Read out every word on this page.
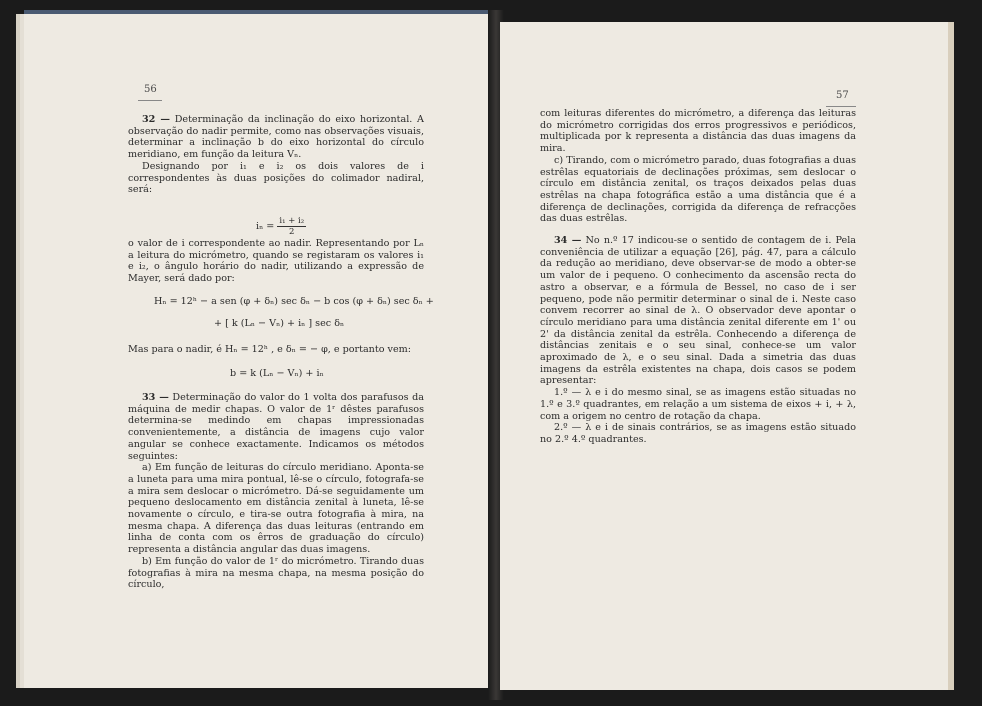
56

32 — Determinação da inclinação do eixo horizontal. A observação do nadir permite, como nas observações visuais, determinar a inclinação b do eixo horizontal do círculo meridiano, em função da leitura Vₙ.

Designando por i₁ e i₂ os dois valores de i correspondentes às duas posições do colimador nadiral, será:

$i_n = \frac{\text{i₁ + i₂}}{2}$

o valor de i correspondente ao nadir. Representando por Lₙ a leitura do micrómetro, quando se registaram os valores i₁ e i₂, o ângulo horário do nadir, utilizando a expressão de Mayer, será dado por:

Hₙ = 12ʰ − a sen (φ + δₙ) sec δₙ − b cos (φ + δₙ) sec δₙ +
+ [ k (Lₙ − Vₙ) + iₙ ] sec δₙ

Mas para o nadir, é Hₙ = 12ʰ , e δₙ = − φ, e portanto vem:

b = k (Lₙ − Vₙ) + iₙ

33 — Determinação do valor do 1 volta dos parafusos da máquina de medir chapas. O valor de 1ʳ dêstes parafusos determina-se medindo em chapas impressionadas convenientemente, a distância de imagens cujo valor angular se conhece exactamente. Indicamos os métodos seguintes:

a) Em função de leituras do círculo meridiano. Aponta-se a luneta para uma mira pontual, lê-se o círculo, fotografa-se a mira sem deslocar o micrómetro. Dá-se seguidamente um pequeno deslocamento em distância zenital à luneta, lê-se novamente o círculo, e tira-se outra fotografia à mira, na mesma chapa. A diferença das duas leituras (entrando em linha de conta com os êrros de graduação do círculo) representa a distância angular das duas imagens.

b) Em função do valor de 1ʳ do micrómetro. Tirando duas fotografias à mira na mesma chapa, na mesma posição do círculo,

57

com leituras diferentes do micrómetro, a diferença das leituras do micrómetro corrigidas dos erros progressivos e periódicos, multiplicada por k representa a distância das duas imagens da mira.

c) Tirando, com o micrómetro parado, duas fotografias a duas estrêlas equatoriais de declinações próximas, sem deslocar o círculo em distância zenital, os traços deixados pelas duas estrêlas na chapa fotográfica estão a uma distância que é a diferença de declinações, corrigida da diferença de refracções das duas estrêlas.

34 — No n.º 17 indicou-se o sentido de contagem de i. Pela conveniência de utilizar a equação [26], pág. 47, para a cálculo da redução ao meridiano, deve observar-se de modo a obter-se um valor de i pequeno. O conhecimento da ascensão recta do astro a observar, e a fórmula de Bessel, no caso de i ser pequeno, pode não permitir determinar o sinal de i. Neste caso convem recorrer ao sinal de λ. O observador deve apontar o círculo meridiano para uma distância zenital diferente em 1' ou 2' da distância zenital da estrêla. Conhecendo a diferença de distâncias zenitais e o seu sinal, conhece-se um valor aproximado de λ, e o seu sinal. Dada a simetria das duas imagens da estrêla existentes na chapa, dois casos se podem apresentar:

1.º — λ e i do mesmo sinal, se as imagens estão situadas no 1.º e 3.º quadrantes, em relação a um sistema de eixos + i, + λ, com a origem no centro de rotação da chapa.

2.º — λ e i de sinais contrários, se as imagens estão situado no 2.º 4.º quadrantes.
